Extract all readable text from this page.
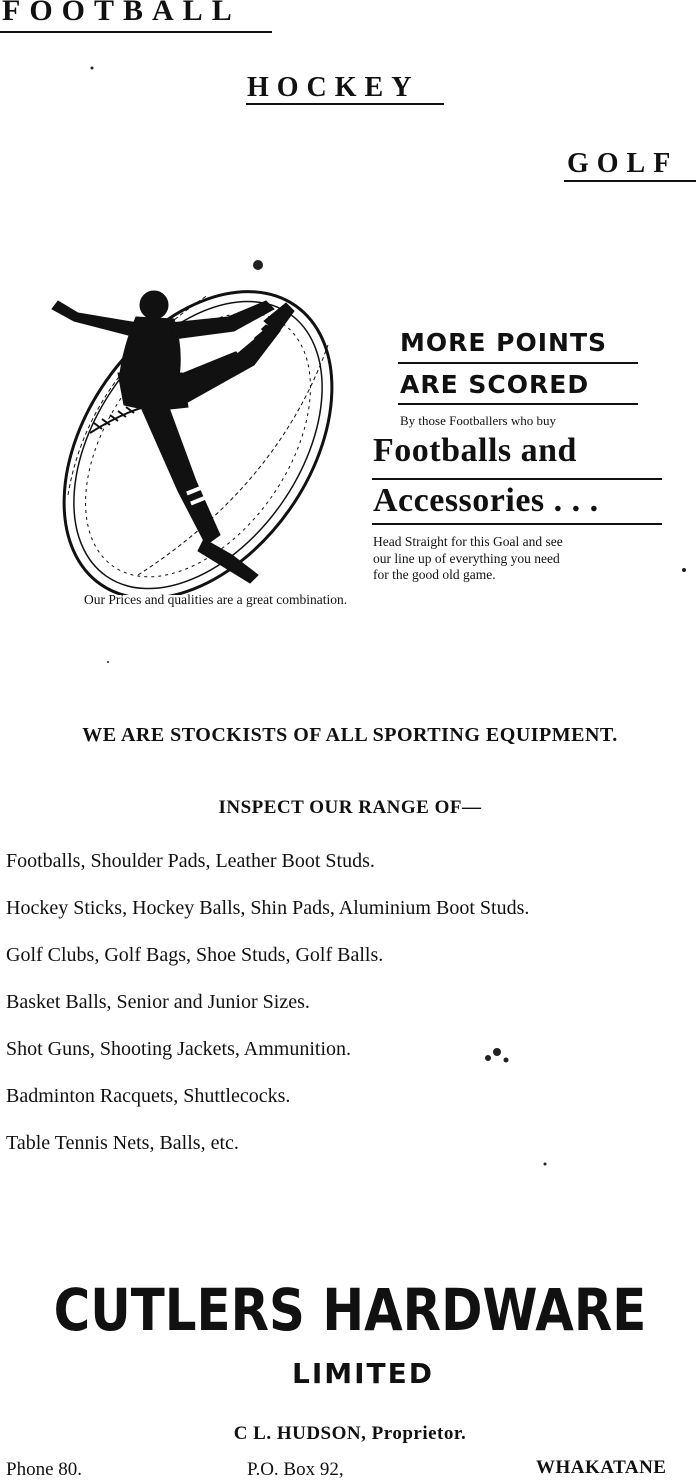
FOOTBALL
HOCKEY
GOLF
MORE POINTS
ARE SCORED
By those Footballers who buy
Footballs and
Accessories . . .
Head Straight for this Goal and see
our line up of everything you need
for the good old game.
Our Prices and qualities are a great combination.
WE ARE STOCKISTS OF ALL SPORTING EQUIPMENT.
INSPECT OUR RANGE OF—
Footballs, Shoulder Pads, Leather Boot Studs.
Hockey Sticks, Hockey Balls, Shin Pads, Aluminium Boot Studs.
Golf Clubs, Golf Bags, Shoe Studs, Golf Balls.
Basket Balls, Senior and Junior Sizes.
Shot Guns, Shooting Jackets, Ammunition.
Badminton Racquets, Shuttlecocks.
Table Tennis Nets, Balls, etc.
CUTLERS HARDWARE
LIMITED
C L. HUDSON, Proprietor.
Phone 80.	P.O. Box 92,	WHAKATANE
